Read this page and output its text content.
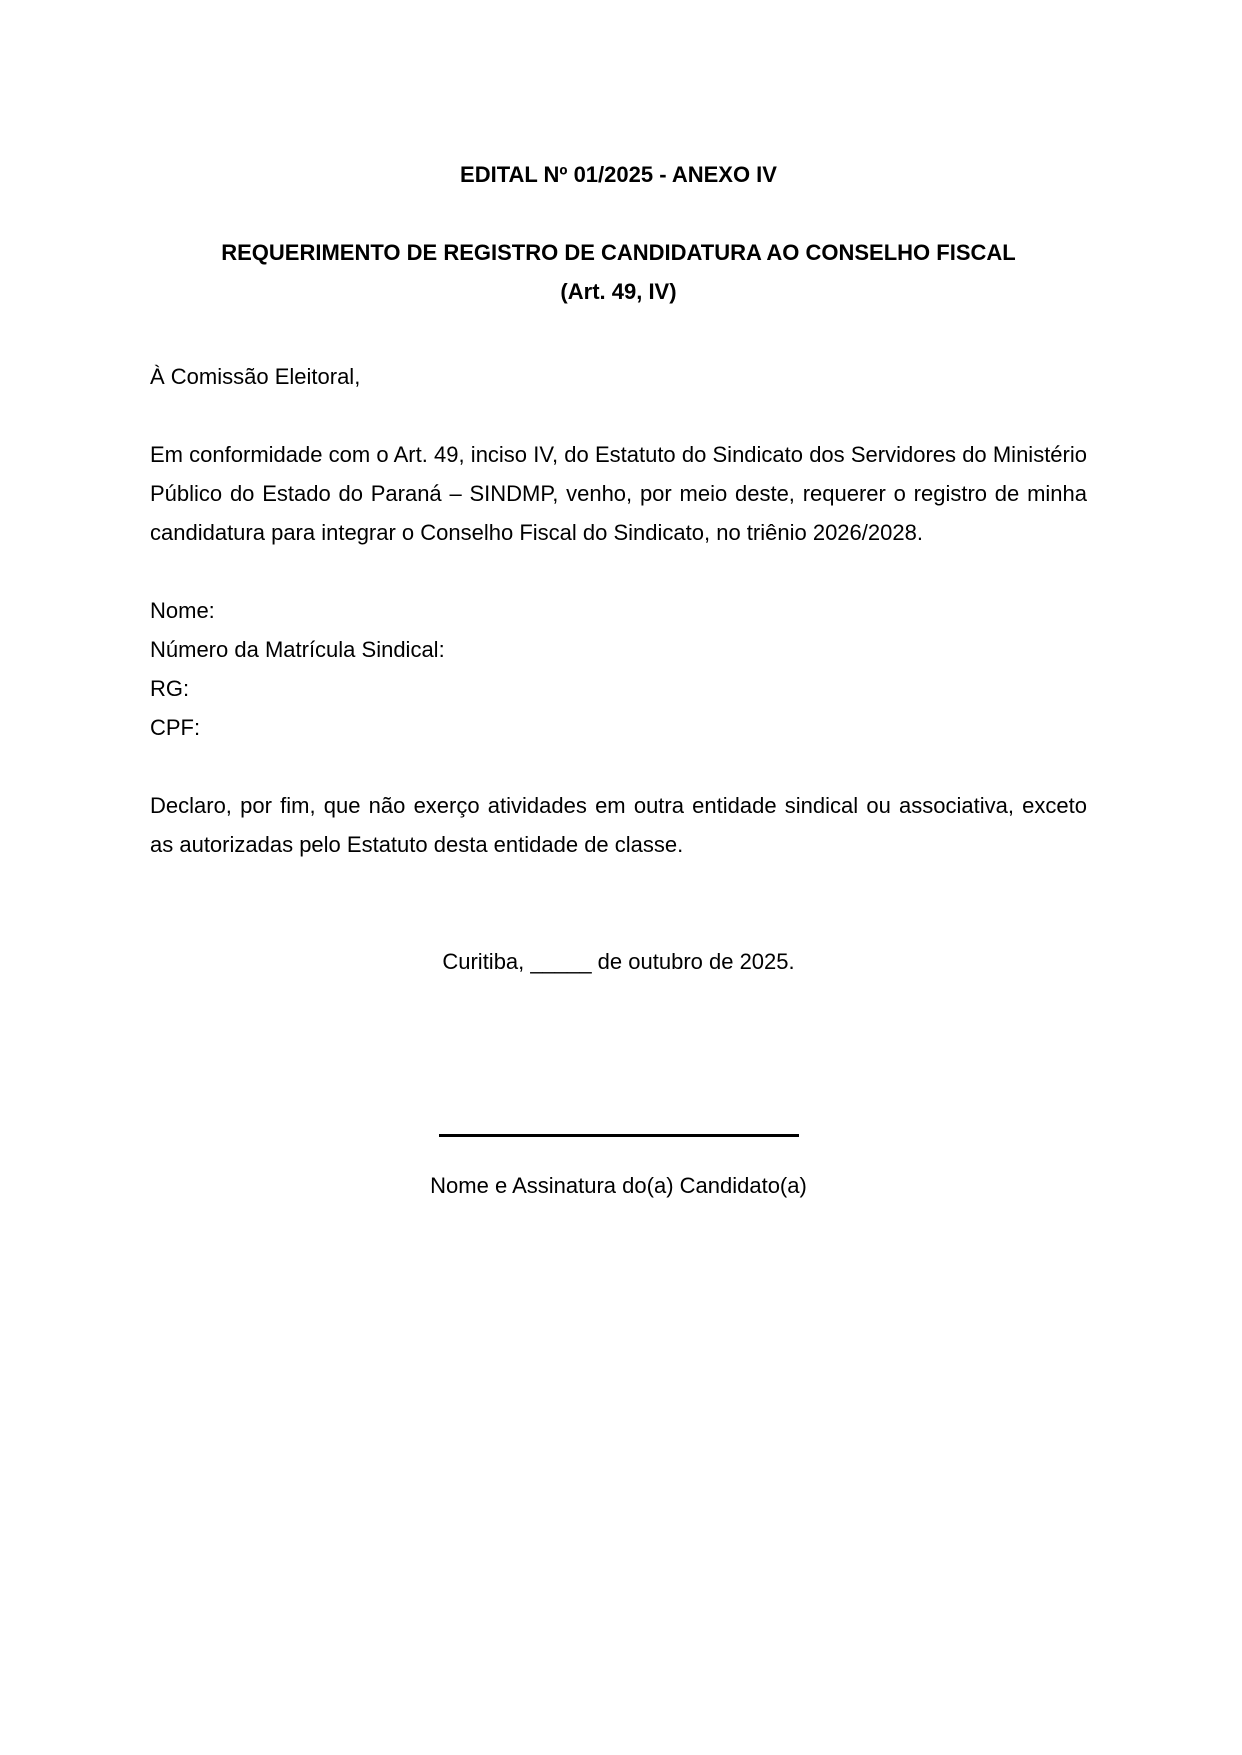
EDITAL Nº 01/2025 - ANEXO IV

REQUERIMENTO DE REGISTRO DE CANDIDATURA AO CONSELHO FISCAL

(Art. 49, IV)

À Comissão Eleitoral,

Em conformidade com o Art. 49, inciso IV, do Estatuto do Sindicato dos Servidores do Ministério Público do Estado do Paraná – SINDMP, venho, por meio deste, requerer o registro de minha candidatura para integrar o Conselho Fiscal do Sindicato, no triênio 2026/2028.

Nome:

Número da Matrícula Sindical:

RG:

CPF:

Declaro, por fim, que não exerço atividades em outra entidade sindical ou associativa, exceto as autorizadas pelo Estatuto desta entidade de classe.

Curitiba, _____ de outubro de 2025.

Nome e Assinatura do(a) Candidato(a)
